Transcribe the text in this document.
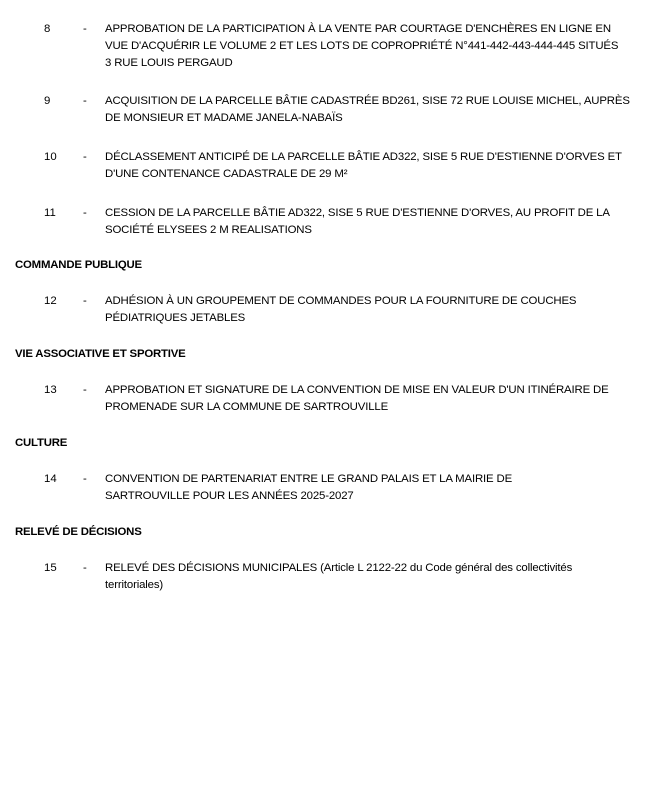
8	- APPROBATION DE LA PARTICIPATION À LA VENTE PAR COURTAGE D'ENCHÈRES EN LIGNE EN VUE D'ACQUÉRIR LE VOLUME 2 ET LES LOTS DE COPROPRIÉTÉ N°441-442-443-444-445 SITUÉS 3 RUE LOUIS PERGAUD
9	- ACQUISITION DE LA PARCELLE BÂTIE CADASTRÉE BD261, SISE 72 RUE LOUISE MICHEL, AUPRÈS DE MONSIEUR ET MADAME JANELA-NABAÏS
10	- DÉCLASSEMENT ANTICIPÉ DE LA PARCELLE BÂTIE AD322, SISE 5 RUE D'ESTIENNE D'ORVES ET D'UNE CONTENANCE CADASTRALE DE 29 M²
11	- CESSION DE LA PARCELLE BÂTIE AD322, SISE 5 RUE D'ESTIENNE D'ORVES, AU PROFIT DE LA SOCIÉTÉ ELYSEES 2 M REALISATIONS
COMMANDE PUBLIQUE
12	- ADHÉSION À UN GROUPEMENT DE COMMANDES POUR LA FOURNITURE DE COUCHES PÉDIATRIQUES JETABLES
VIE ASSOCIATIVE ET SPORTIVE
13	- APPROBATION ET SIGNATURE DE LA CONVENTION DE MISE EN VALEUR D'UN ITINÉRAIRE DE PROMENADE SUR LA COMMUNE DE SARTROUVILLE
CULTURE
14	- CONVENTION DE PARTENARIAT ENTRE LE GRAND PALAIS ET LA MAIRIE DE SARTROUVILLE POUR LES ANNÉES 2025-2027
RELEVÉ DE DÉCISIONS
15	- RELEVÉ DES DÉCISIONS MUNICIPALES (Article L 2122-22 du Code général des collectivités territoriales)
